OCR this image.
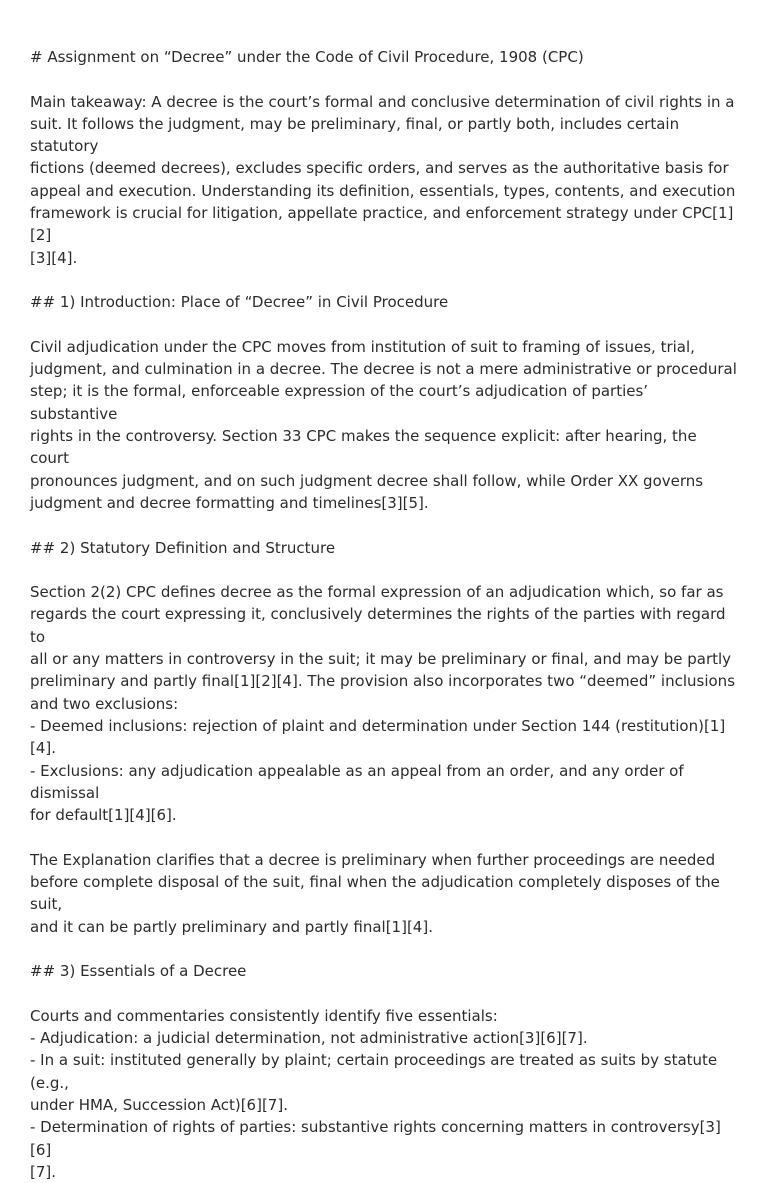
# Assignment on “Decree” under the Code of Civil Procedure, 1908 (CPC)
Main takeaway: A decree is the court’s formal and conclusive determination of civil rights in a
suit. It follows the judgment, may be preliminary, final, or partly both, includes certain statutory
fictions (deemed decrees), excludes specific orders, and serves as the authoritative basis for
appeal and execution. Understanding its definition, essentials, types, contents, and execution
framework is crucial for litigation, appellate practice, and enforcement strategy under CPC[1][2]
[3][4].
## 1) Introduction: Place of “Decree” in Civil Procedure
Civil adjudication under the CPC moves from institution of suit to framing of issues, trial,
judgment, and culmination in a decree. The decree is not a mere administrative or procedural
step; it is the formal, enforceable expression of the court’s adjudication of parties’ substantive
rights in the controversy. Section 33 CPC makes the sequence explicit: after hearing, the court
pronounces judgment, and on such judgment decree shall follow, while Order XX governs
judgment and decree formatting and timelines[3][5].
## 2) Statutory Definition and Structure
Section 2(2) CPC defines decree as the formal expression of an adjudication which, so far as
regards the court expressing it, conclusively determines the rights of the parties with regard to
all or any matters in controversy in the suit; it may be preliminary or final, and may be partly
preliminary and partly final[1][2][4]. The provision also incorporates two “deemed” inclusions
and two exclusions:
- Deemed inclusions: rejection of plaint and determination under Section 144 (restitution)[1][4].
- Exclusions: any adjudication appealable as an appeal from an order, and any order of dismissal
for default[1][4][6].
The Explanation clarifies that a decree is preliminary when further proceedings are needed
before complete disposal of the suit, final when the adjudication completely disposes of the suit,
and it can be partly preliminary and partly final[1][4].
## 3) Essentials of a Decree
Courts and commentaries consistently identify five essentials:
- Adjudication: a judicial determination, not administrative action[3][6][7].
- In a suit: instituted generally by plaint; certain proceedings are treated as suits by statute (e.g.,
under HMA, Succession Act)[6][7].
- Determination of rights of parties: substantive rights concerning matters in controversy[3][6]
[7].
